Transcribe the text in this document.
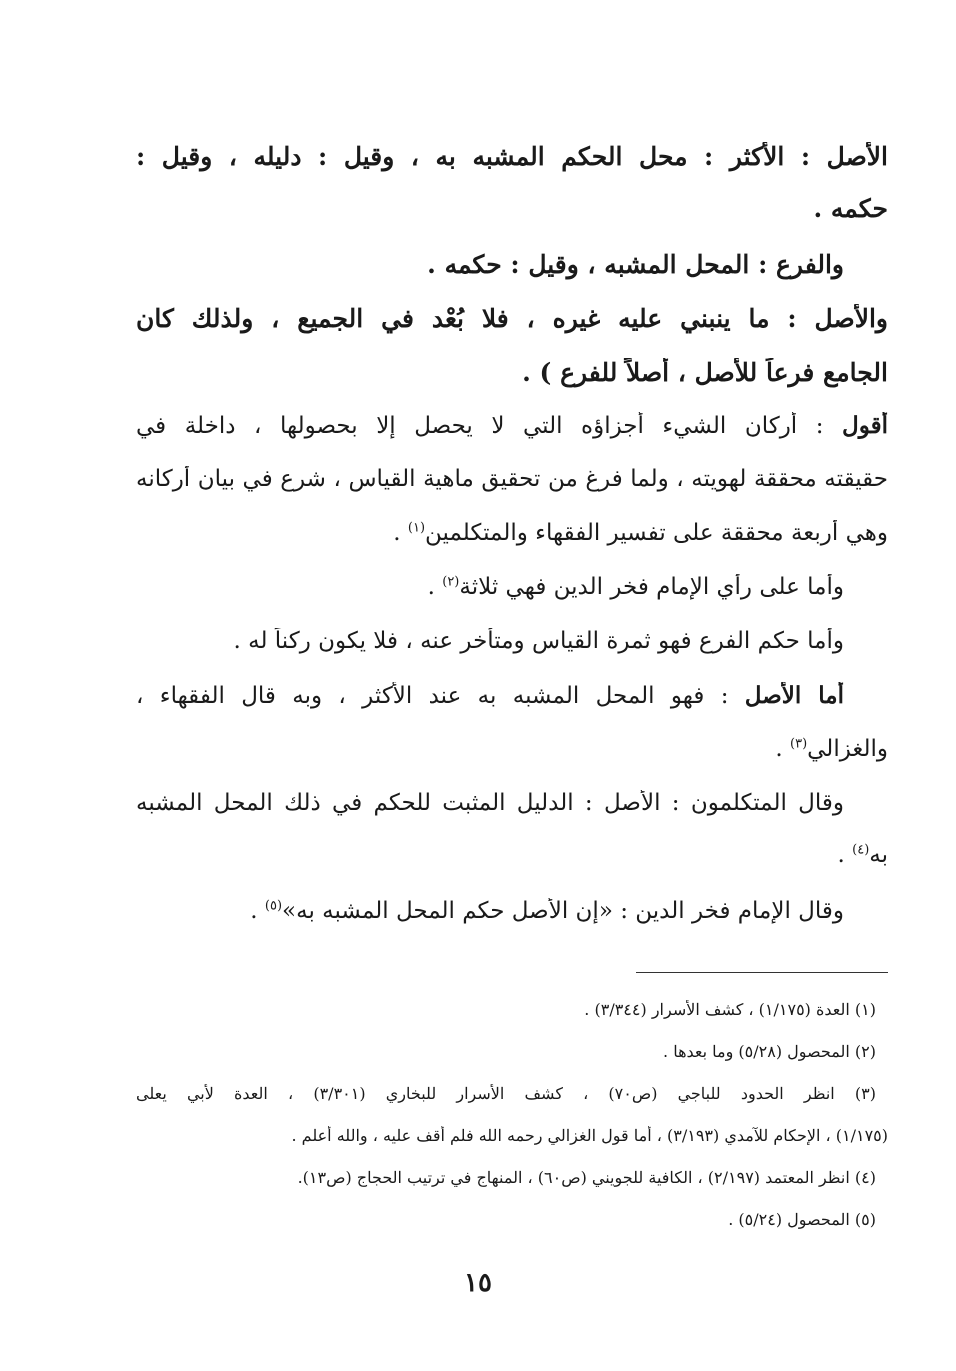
الأصل : الأكثر : محل الحكم المشبه به ، وقيل : دليله ، وقيل :
حكمه .
والفرع : المحل المشبه ، وقيل : حكمه .
والأصل : ما ينبني عليه غيره ، فلا بُعْد في الجميع ، ولذلك كان
الجامع فرعاً للأصل ، أصلاً للفرع ) .
أقول : أركان الشيء أجزاؤه التي لا يحصل إلا بحصولها ، داخلة في
حقيقته محققة لهويته ، ولما فرغ من تحقيق ماهية القياس ، شرع في بيان أركانه
وهي أربعة محققة على تفسير الفقهاء والمتكلمين$^{(١)}$ .
وأما على رأي الإمام فخر الدين فهي ثلاثة$^{(٢)}$ .
وأما حكم الفرع فهو ثمرة القياس ومتأخر عنه ، فلا يكون ركناً له .
أما الأصل : فهو المحل المشبه به عند الأكثر ، وبه قال الفقهاء ،
والغزالي$^{(٣)}$ .
وقال المتكلمون : الأصل : الدليل المثبت للحكم في ذلك المحل المشبه
به$^{(٤)}$ .
وقال الإمام فخر الدين : «إن الأصل حكم المحل المشبه به»$^{(٥)}$ .
(١) العدة (١/١٧٥) ، كشف الأسرار (٣/٣٤٤) .
(٢) المحصول (٥/٢٨) وما بعدها .
(٣) انظر الحدود للباجي (ص٧٠) ، كشف الأسرار للبخاري (٣/٣٠١) ، العدة لأبي يعلى
(١/١٧٥) ، الإحكام للآمدي (٣/١٩٣) ، أما قول الغزالي رحمه الله فلم أقف عليه ، والله أعلم .
(٤) انظر المعتمد (٢/١٩٧) ، الكافية للجويني (ص٦٠) ، المنهاج في ترتيب الحجاج (ص١٣).
(٥) المحصول (٥/٢٤) .
١٥
